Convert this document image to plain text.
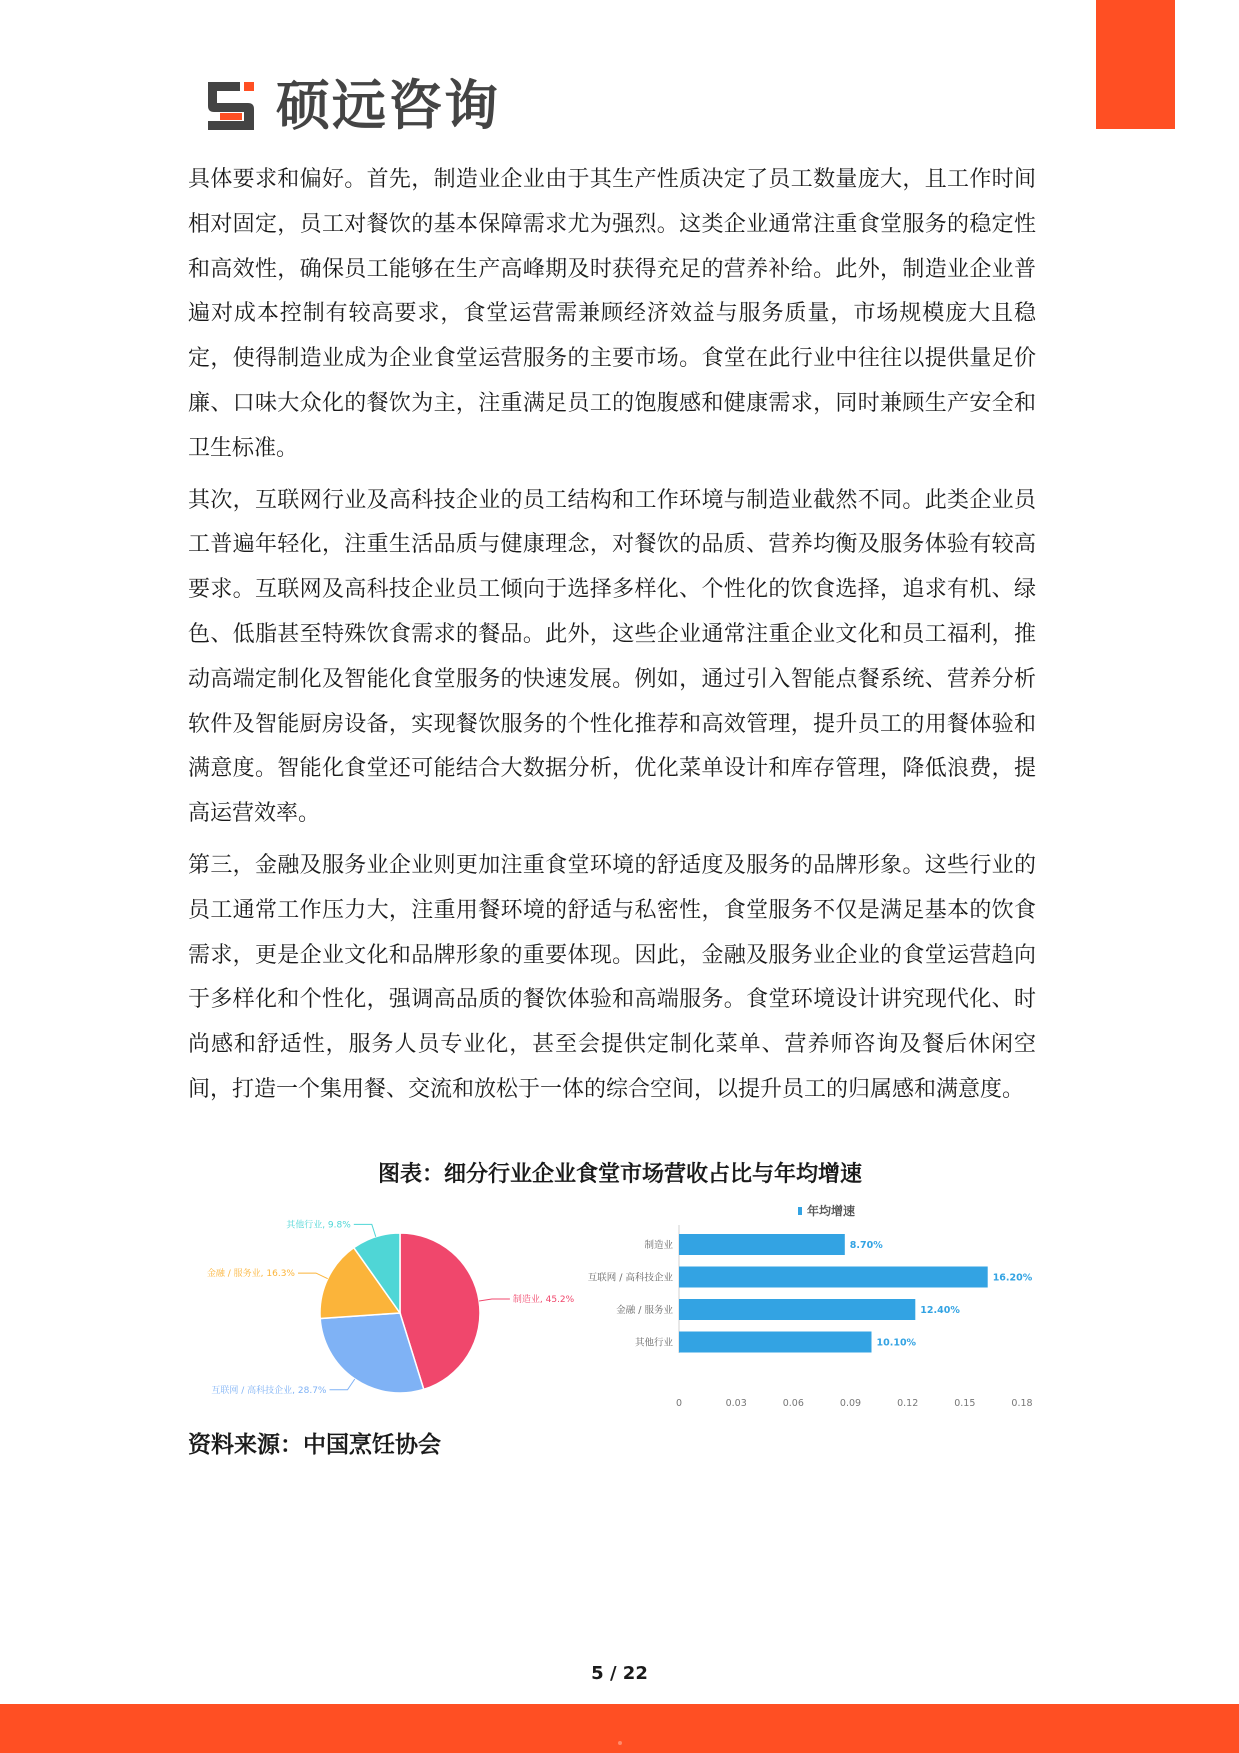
硕远咨询

具体要求和偏好。首先，制造业企业由于其生产性质决定了员工数量庞大，且工作时间相对固定，员工对餐饮的基本保障需求尤为强烈。这类企业通常注重食堂服务的稳定性和高效性，确保员工能够在生产高峰期及时获得充足的营养补给。此外，制造业企业普遍对成本控制有较高要求，食堂运营需兼顾经济效益与服务质量，市场规模庞大且稳定，使得制造业成为企业食堂运营服务的主要市场。食堂在此行业中往往以提供量足价廉、口味大众化的餐饮为主，注重满足员工的饱腹感和健康需求，同时兼顾生产安全和卫生标准。

其次，互联网行业及高科技企业的员工结构和工作环境与制造业截然不同。此类企业员工普遍年轻化，注重生活品质与健康理念，对餐饮的品质、营养均衡及服务体验有较高要求。互联网及高科技企业员工倾向于选择多样化、个性化的饮食选择，追求有机、绿色、低脂甚至特殊饮食需求的餐品。此外，这些企业通常注重企业文化和员工福利，推动高端定制化及智能化食堂服务的快速发展。例如，通过引入智能点餐系统、营养分析软件及智能厨房设备，实现餐饮服务的个性化推荐和高效管理，提升员工的用餐体验和满意度。智能化食堂还可能结合大数据分析，优化菜单设计和库存管理，降低浪费，提高运营效率。

第三，金融及服务业企业则更加注重食堂环境的舒适度及服务的品牌形象。这些行业的员工通常工作压力大，注重用餐环境的舒适与私密性，食堂服务不仅是满足基本的饮食需求，更是企业文化和品牌形象的重要体现。因此，金融及服务业企业的食堂运营趋向于多样化和个性化，强调高品质的餐饮体验和高端服务。食堂环境设计讲究现代化、时尚感和舒适性，服务人员专业化，甚至会提供定制化菜单、营养师咨询及餐后休闲空间，打造一个集用餐、交流和放松于一体的综合空间，以提升员工的归属感和满意度。

图表：细分行业企业食堂市场营收占比与年均增速
制造业, 45.2%
互联网 / 高科技企业, 28.7%
金融 / 服务业, 16.3%
其他行业, 9.8%
年均增速
制造业	8.70%
互联网 / 高科技企业	16.20%
金融 / 服务业	12.40%
其他行业	10.10%
0	0.03	0.06	0.09	0.12	0.15	0.18
资料来源：中国烹饪协会
5 / 22
